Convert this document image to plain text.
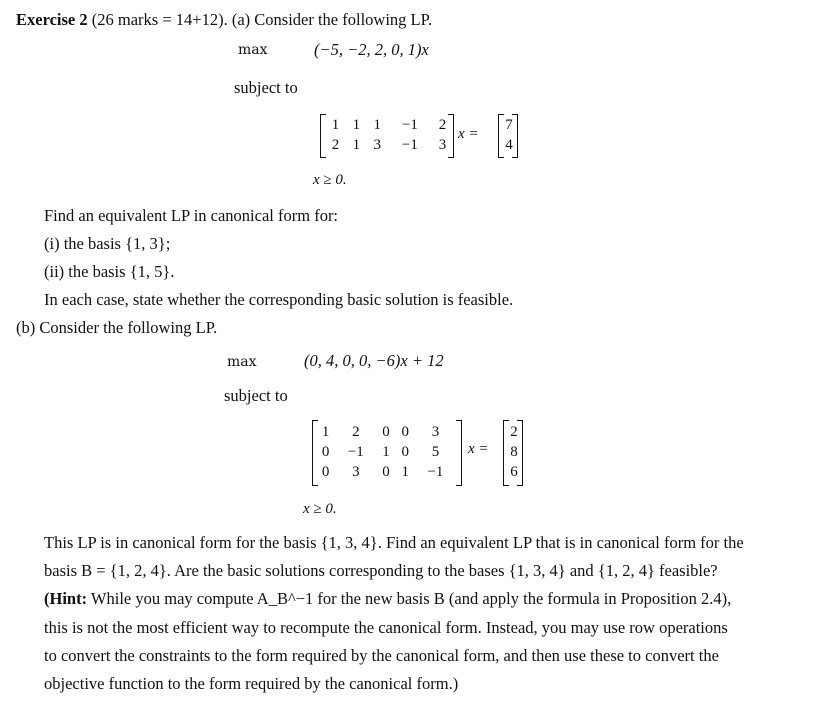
Exercise 2 (26 marks = 14+12). (a) Consider the following LP.
max	(−5, −2, 2, 0, 1)x
subject to
1	1	1	−1	2
2	1	3	−1	3
x =
7
4
x ≥ 0.
Find an equivalent LP in canonical form for:
(i) the basis {1, 3};
(ii) the basis {1, 5}.
In each case, state whether the corresponding basic solution is feasible.
(b) Consider the following LP.
max	(0, 4, 0, 0, −6)x + 12
subject to
1	2	0	0	3
0	−1	1	0	5
0	3	0	1	−1
x =
2
8
6
x ≥ 0.
This LP is in canonical form for the basis {1, 3, 4}. Find an equivalent LP that is in canonical form for the
basis B = {1, 2, 4}. Are the basic solutions corresponding to the bases {1, 3, 4} and {1, 2, 4} feasible?
(Hint: While you may compute A_B^−1 for the new basis B (and apply the formula in Proposition 2.4),
this is not the most efficient way to recompute the canonical form. Instead, you may use row operations
to convert the constraints to the form required by the canonical form, and then use these to convert the
objective function to the form required by the canonical form.)
